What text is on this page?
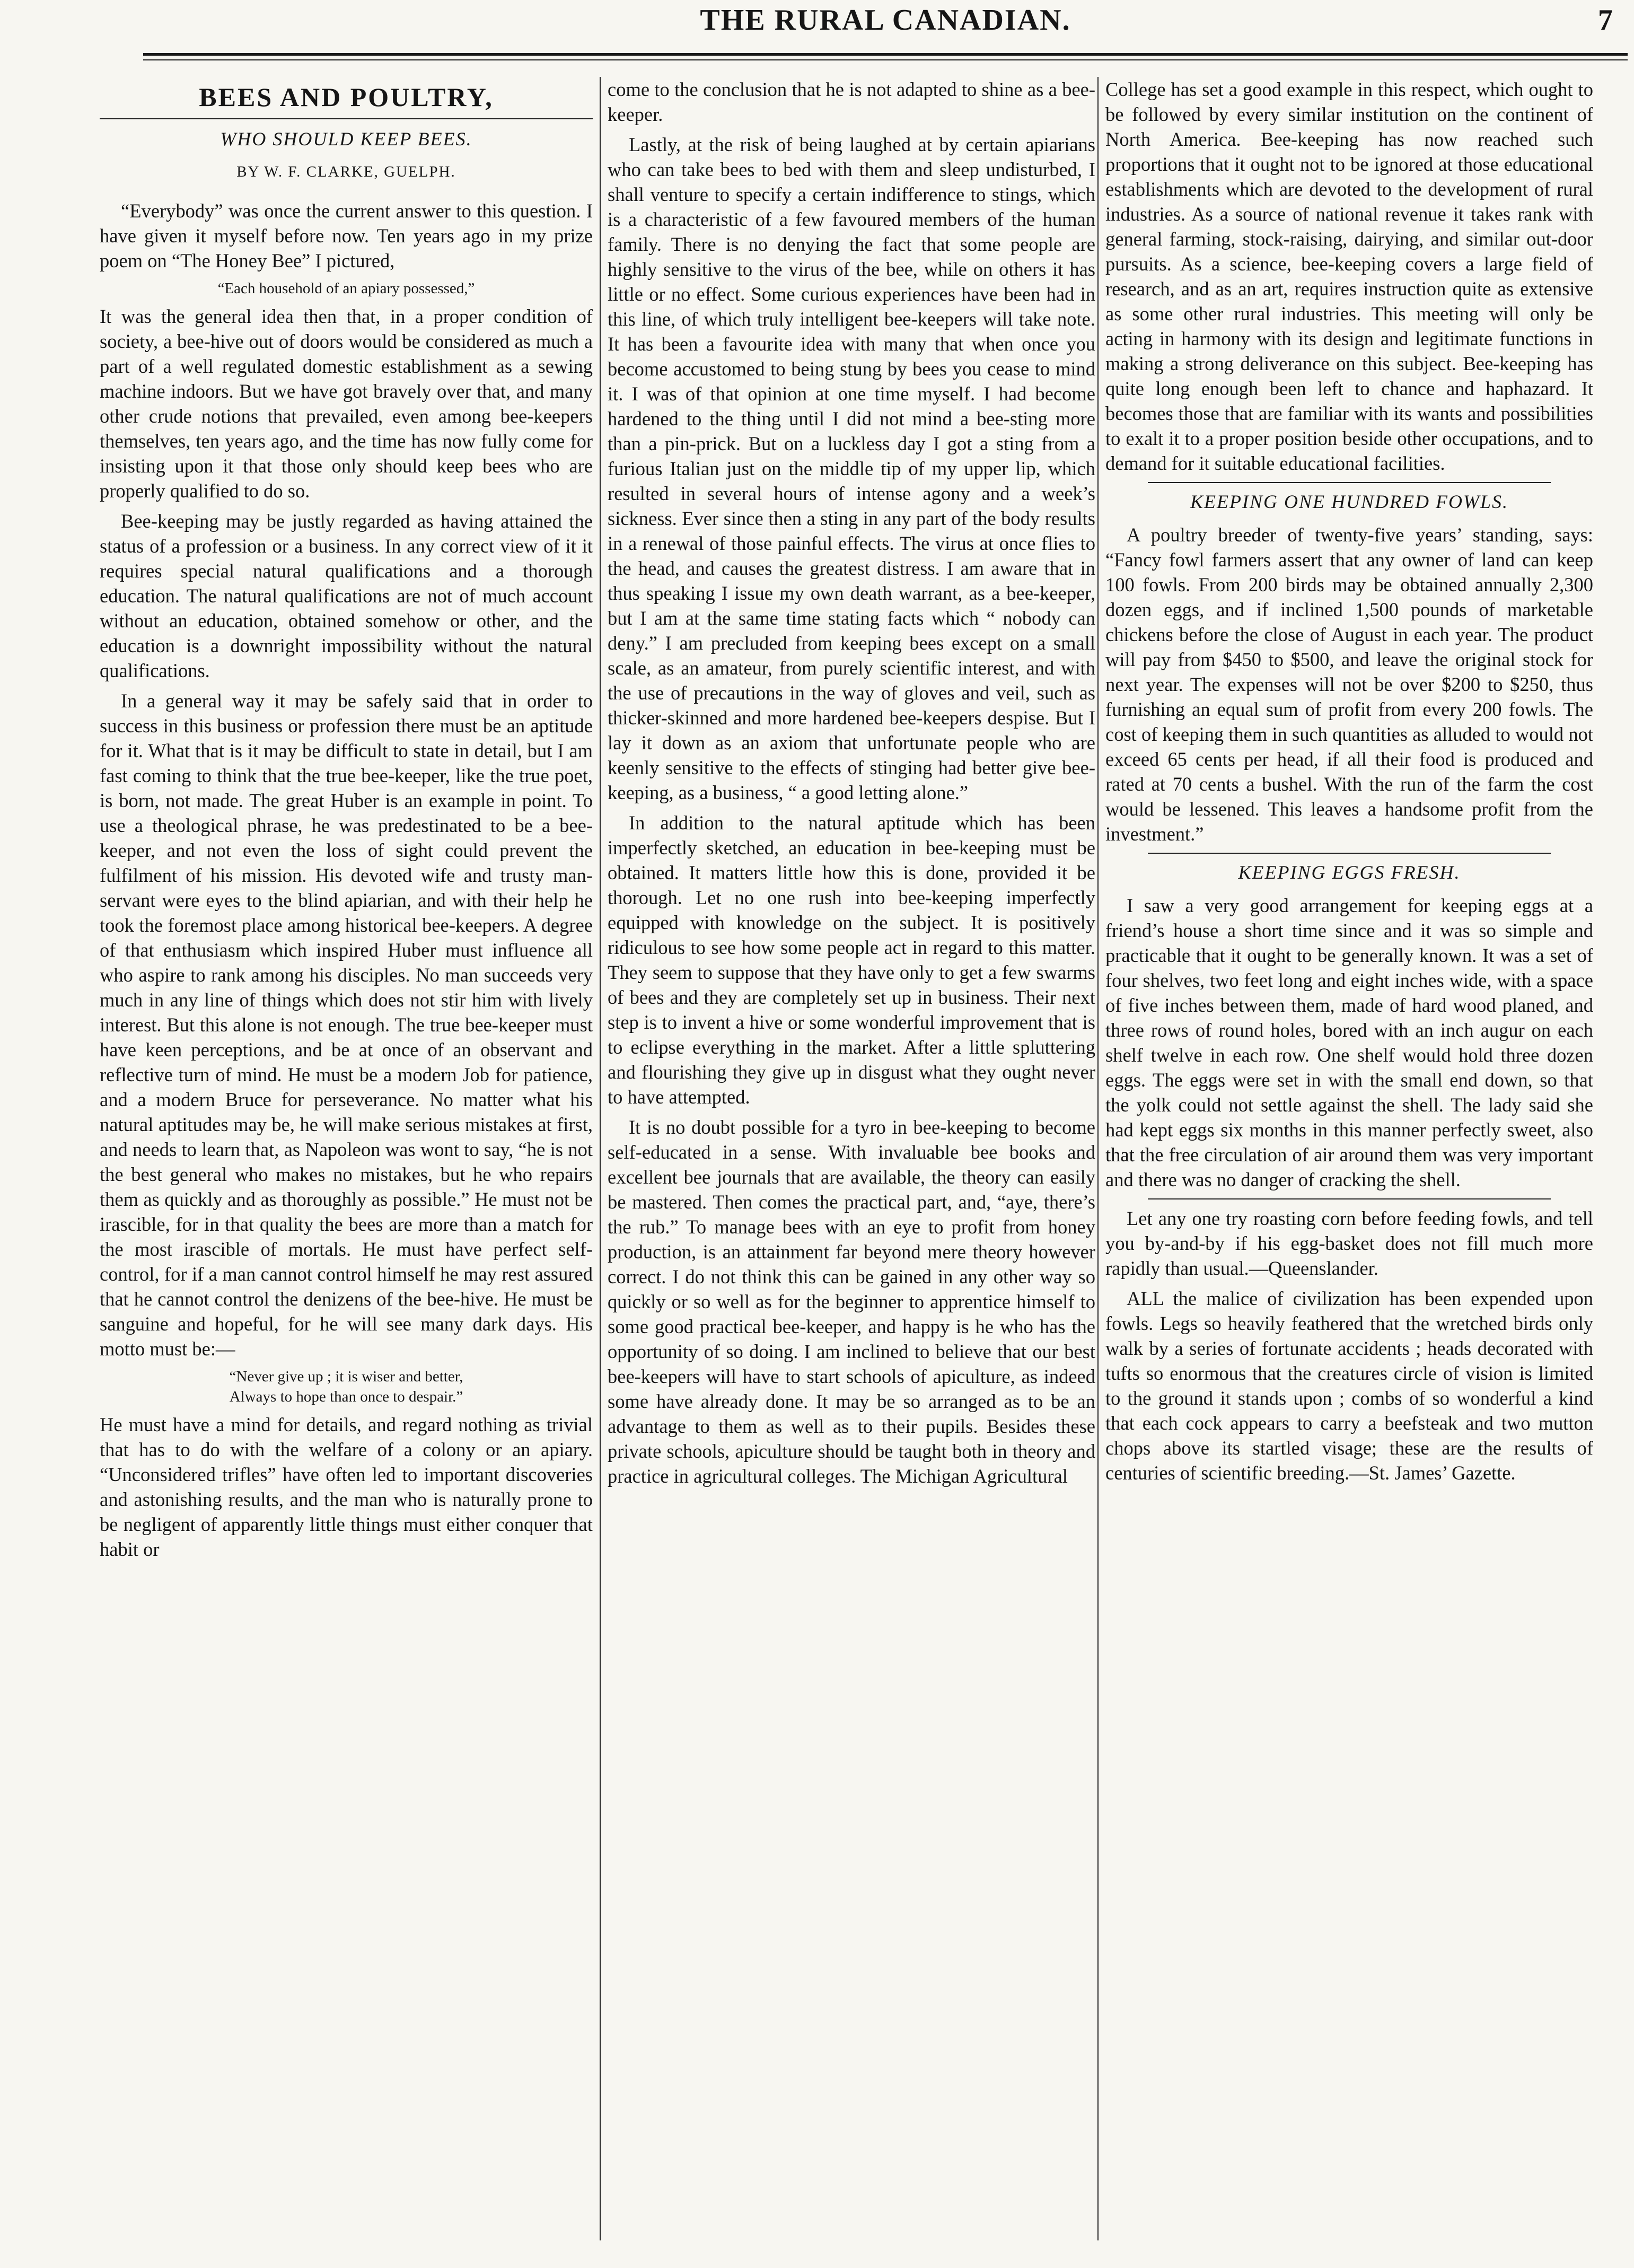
THE RURAL CANADIAN.	7
BEES AND POULTRY,
WHO SHOULD KEEP BEES.
BY W. F. CLARKE, GUELPH.

“Everybody” was once the current answer to this question. I have given it myself before now. Ten years ago in my prize poem on “The Honey Bee” I pictured,

“Each household of an apiary possessed,”

It was the general idea then that, in a proper condition of society, a bee-hive out of doors would be considered as much a part of a well regulated domestic establishment as a sewing machine indoors. But we have got bravely over that, and many other crude notions that prevailed, even among bee-keepers themselves, ten years ago, and the time has now fully come for insisting upon it that those only should keep bees who are properly qualified to do so.

Bee-keeping may be justly regarded as having attained the status of a profession or a business. In any correct view of it it requires special natural qualifications and a thorough education. The natural qualifications are not of much account without an education, obtained somehow or other, and the education is a downright impossibility without the natural qualifications.

In a general way it may be safely said that in order to success in this business or profession there must be an aptitude for it. What that is it may be difficult to state in detail, but I am fast coming to think that the true bee-keeper, like the true poet, is born, not made. The great Huber is an example in point. To use a theological phrase, he was predestinated to be a bee-keeper, and not even the loss of sight could prevent the fulfilment of his mission. His devoted wife and trusty man-servant were eyes to the blind apiarian, and with their help he took the foremost place among historical bee-keepers. A degree of that enthusiasm which inspired Huber must influence all who aspire to rank among his disciples. No man succeeds very much in any line of things which does not stir him with lively interest. But this alone is not enough. The true bee-keeper must have keen perceptions, and be at once of an observant and reflective turn of mind. He must be a modern Job for patience, and a modern Bruce for perseverance. No matter what his natural aptitudes may be, he will make serious mistakes at first, and needs to learn that, as Napoleon was wont to say, “he is not the best general who makes no mistakes, but he who repairs them as quickly and as thoroughly as possible.” He must not be irascible, for in that quality the bees are more than a match for the most irascible of mortals. He must have perfect self-control, for if a man cannot control himself he may rest assured that he cannot control the denizens of the bee-hive. He must be sanguine and hopeful, for he will see many dark days. His motto must be:—

“Never give up ; it is wiser and better,
Always to hope than once to despair.”

He must have a mind for details, and regard nothing as trivial that has to do with the welfare of a colony or an apiary. “Unconsidered trifles” have often led to important discoveries and astonishing results, and the man who is naturally prone to be negligent of apparently little things must either conquer that habit or

come to the conclusion that he is not adapted to shine as a bee-keeper.

Lastly, at the risk of being laughed at by certain apiarians who can take bees to bed with them and sleep undisturbed, I shall venture to specify a certain indifference to stings, which is a characteristic of a few favoured members of the human family. There is no denying the fact that some people are highly sensitive to the virus of the bee, while on others it has little or no effect. Some curious experiences have been had in this line, of which truly intelligent bee-keepers will take note. It has been a favourite idea with many that when once you become accustomed to being stung by bees you cease to mind it. I was of that opinion at one time myself. I had become hardened to the thing until I did not mind a bee-sting more than a pin-prick. But on a luckless day I got a sting from a furious Italian just on the middle tip of my upper lip, which resulted in several hours of intense agony and a week’s sickness. Ever since then a sting in any part of the body results in a renewal of those painful effects. The virus at once flies to the head, and causes the greatest distress. I am aware that in thus speaking I issue my own death warrant, as a bee-keeper, but I am at the same time stating facts which “ nobody can deny.” I am precluded from keeping bees except on a small scale, as an amateur, from purely scientific interest, and with the use of precautions in the way of gloves and veil, such as thicker-skinned and more hardened bee-keepers despise. But I lay it down as an axiom that unfortunate people who are keenly sensitive to the effects of stinging had better give bee-keeping, as a business, “ a good letting alone.”

In addition to the natural aptitude which has been imperfectly sketched, an education in bee-keeping must be obtained. It matters little how this is done, provided it be thorough. Let no one rush into bee-keeping imperfectly equipped with knowledge on the subject. It is positively ridiculous to see how some people act in regard to this matter. They seem to suppose that they have only to get a few swarms of bees and they are completely set up in business. Their next step is to invent a hive or some wonderful improvement that is to eclipse everything in the market. After a little spluttering and flourishing they give up in disgust what they ought never to have attempted.

It is no doubt possible for a tyro in bee-keeping to become self-educated in a sense. With invaluable bee books and excellent bee journals that are available, the theory can easily be mastered. Then comes the practical part, and, “aye, there’s the rub.” To manage bees with an eye to profit from honey production, is an attainment far beyond mere theory however correct. I do not think this can be gained in any other way so quickly or so well as for the beginner to apprentice himself to some good practical bee-keeper, and happy is he who has the opportunity of so doing. I am inclined to believe that our best bee-keepers will have to start schools of apiculture, as indeed some have already done. It may be so arranged as to be an advantage to them as well as to their pupils. Besides these private schools, apiculture should be taught both in theory and practice in agricultural colleges. The Michigan Agricultural

College has set a good example in this respect, which ought to be followed by every similar institution on the continent of North America. Bee-keeping has now reached such proportions that it ought not to be ignored at those educational establishments which are devoted to the development of rural industries. As a source of national revenue it takes rank with general farming, stock-raising, dairying, and similar out-door pursuits. As a science, bee-keeping covers a large field of research, and as an art, requires instruction quite as extensive as some other rural industries. This meeting will only be acting in harmony with its design and legitimate functions in making a strong deliverance on this subject. Bee-keeping has quite long enough been left to chance and haphazard. It becomes those that are familiar with its wants and possibilities to exalt it to a proper position beside other occupations, and to demand for it suitable educational facilities.

KEEPING ONE HUNDRED FOWLS.

A poultry breeder of twenty-five years’ standing, says: “Fancy fowl farmers assert that any owner of land can keep 100 fowls. From 200 birds may be obtained annually 2,300 dozen eggs, and if inclined 1,500 pounds of marketable chickens before the close of August in each year. The product will pay from $450 to $500, and leave the original stock for next year. The expenses will not be over $200 to $250, thus furnishing an equal sum of profit from every 200 fowls. The cost of keeping them in such quantities as alluded to would not exceed 65 cents per head, if all their food is produced and rated at 70 cents a bushel. With the run of the farm the cost would be lessened. This leaves a handsome profit from the investment.”

KEEPING EGGS FRESH.

I saw a very good arrangement for keeping eggs at a friend’s house a short time since and it was so simple and practicable that it ought to be generally known. It was a set of four shelves, two feet long and eight inches wide, with a space of five inches between them, made of hard wood planed, and three rows of round holes, bored with an inch augur on each shelf twelve in each row. One shelf would hold three dozen eggs. The eggs were set in with the small end down, so that the yolk could not settle against the shell. The lady said she had kept eggs six months in this manner perfectly sweet, also that the free circulation of air around them was very important and there was no danger of cracking the shell.

Let any one try roasting corn before feeding fowls, and tell you by-and-by if his egg-basket does not fill much more rapidly than usual.—Queenslander.

ALL the malice of civilization has been expended upon fowls. Legs so heavily feathered that the wretched birds only walk by a series of fortunate accidents ; heads decorated with tufts so enormous that the creatures circle of vision is limited to the ground it stands upon ; combs of so wonderful a kind that each cock appears to carry a beefsteak and two mutton chops above its startled visage; these are the results of centuries of scientific breeding.—St. James’ Gazette.
